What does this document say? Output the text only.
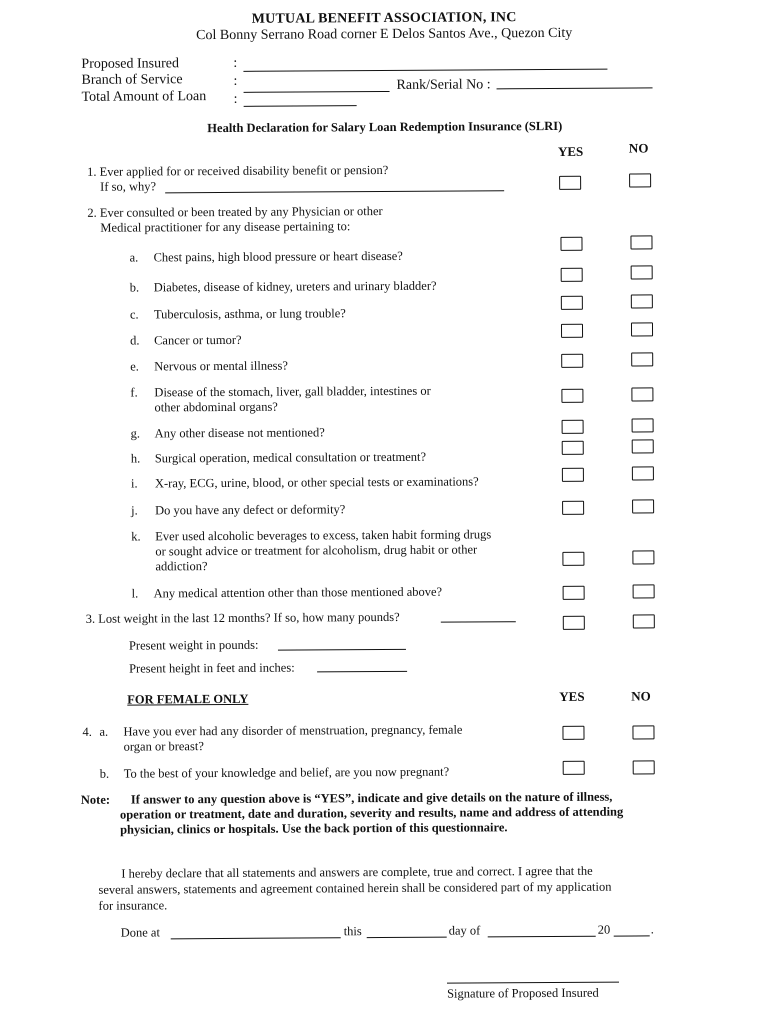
MUTUAL BENEFIT ASSOCIATION, INC
Col Bonny Serrano Road corner E Delos Santos Ave., Quezon City
Proposed Insured	:
Branch of Service	:	Rank/Serial No :
Total Amount of Loan :
Health Declaration for Salary Loan Redemption Insurance (SLRI)
YES	NO
1. Ever applied for or received disability benefit or pension?
If so, why?
2. Ever consulted or been treated by any Physician or other
Medical practitioner for any disease pertaining to:
a. Chest pains, high blood pressure or heart disease?
b. Diabetes, disease of kidney, ureters and urinary bladder?
c. Tuberculosis, asthma, or lung trouble?
d. Cancer or tumor?
e. Nervous or mental illness?
f. Disease of the stomach, liver, gall bladder, intestines or
other abdominal organs?
g. Any other disease not mentioned?
h. Surgical operation, medical consultation or treatment?
i. X-ray, ECG, urine, blood, or other special tests or examinations?
j. Do you have any defect or deformity?
k. Ever used alcoholic beverages to excess, taken habit forming drugs
or sought advice or treatment for alcoholism, drug habit or other
addiction?
l. Any medical attention other than those mentioned above?
3. Lost weight in the last 12 months? If so, how many pounds?
Present weight in pounds:
Present height in feet and inches:
FOR FEMALE ONLY	YES	NO
4. a. Have you ever had any disorder of menstruation, pregnancy, female
organ or breast?
b. To the best of your knowledge and belief, are you now pregnant?
Note: If answer to any question above is “YES”, indicate and give details on the nature of illness,
operation or treatment, date and duration, severity and results, name and address of attending
physician, clinics or hospitals. Use the back portion of this questionnaire.
I hereby declare that all statements and answers are complete, true and correct. I agree that the
several answers, statements and agreement contained herein shall be considered part of my application
for insurance.
Done at	this	day of	20	.
Signature of Proposed Insured
